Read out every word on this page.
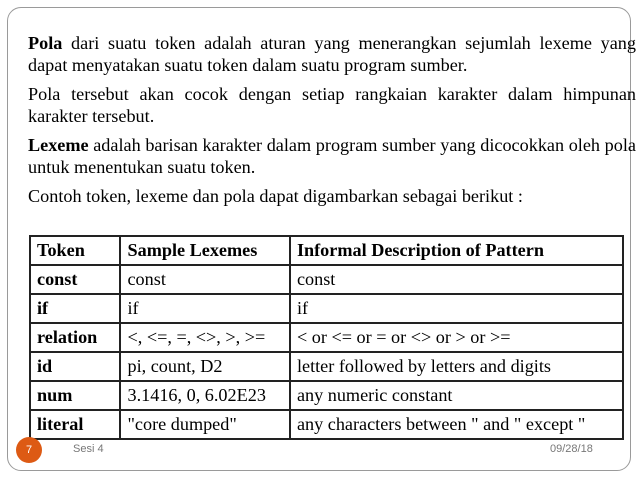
Pola dari suatu token adalah aturan yang menerangkan sejumlah lexeme yang dapat menyatakan suatu token dalam suatu program sumber.

Pola tersebut akan cocok dengan setiap rangkaian karakter dalam himpunan karakter tersebut.

Lexeme adalah barisan karakter dalam program sumber yang dicocokkan oleh pola untuk menentukan suatu token.

Contoh token, lexeme dan pola dapat digambarkan sebagai berikut :

Token	Sample Lexemes	Informal Description of Pattern
const	const	const
if	if	if
relation	<, <=, =, <>, >, >=	< or <= or = or <> or > or >=
id	pi, count, D2	letter followed by letters and digits
num	3.1416, 0, 6.02E23	any numeric constant
literal	"core dumped"	any characters between " and " except "
7	Sesi 4	09/28/18
